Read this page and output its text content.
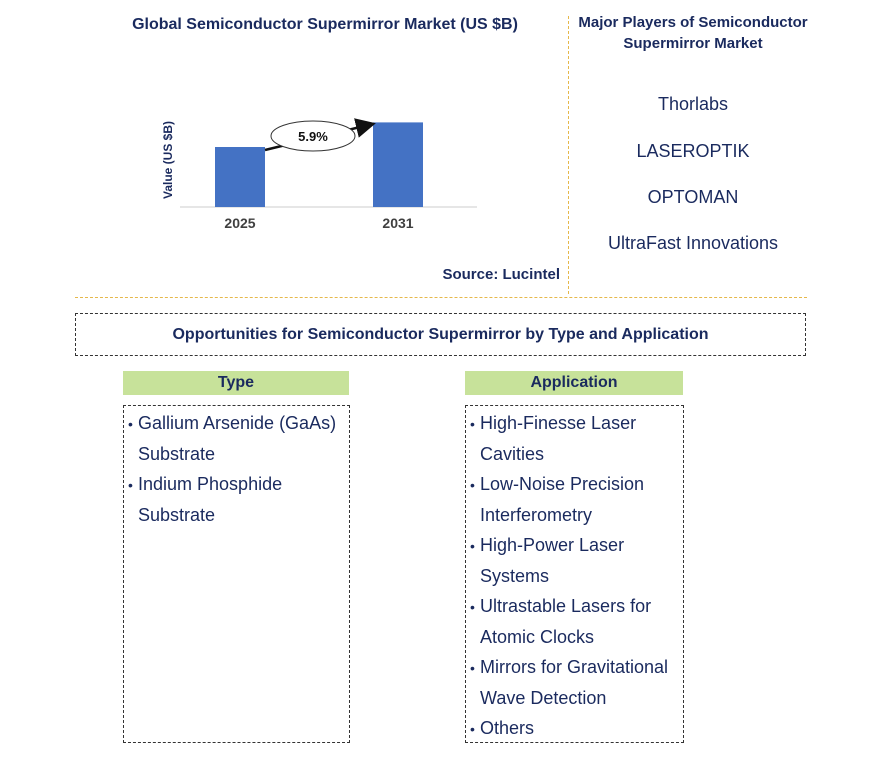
Global Semiconductor Supermirror Market (US $B)
Value (US $B)
2025	2031
5.9%
Source: Lucintel
Major Players of Semiconductor Supermirror Market
Thorlabs
LASEROPTIK
OPTOMAN
UltraFast Innovations
Opportunities for Semiconductor Supermirror by Type and Application
Type
• Gallium Arsenide (GaAs) Substrate
• Indium Phosphide Substrate
Application
• High-Finesse Laser Cavities
• Low-Noise Precision Interferometry
• High-Power Laser Systems
• Ultrastable Lasers for Atomic Clocks
• Mirrors for Gravitational Wave Detection
• Others
